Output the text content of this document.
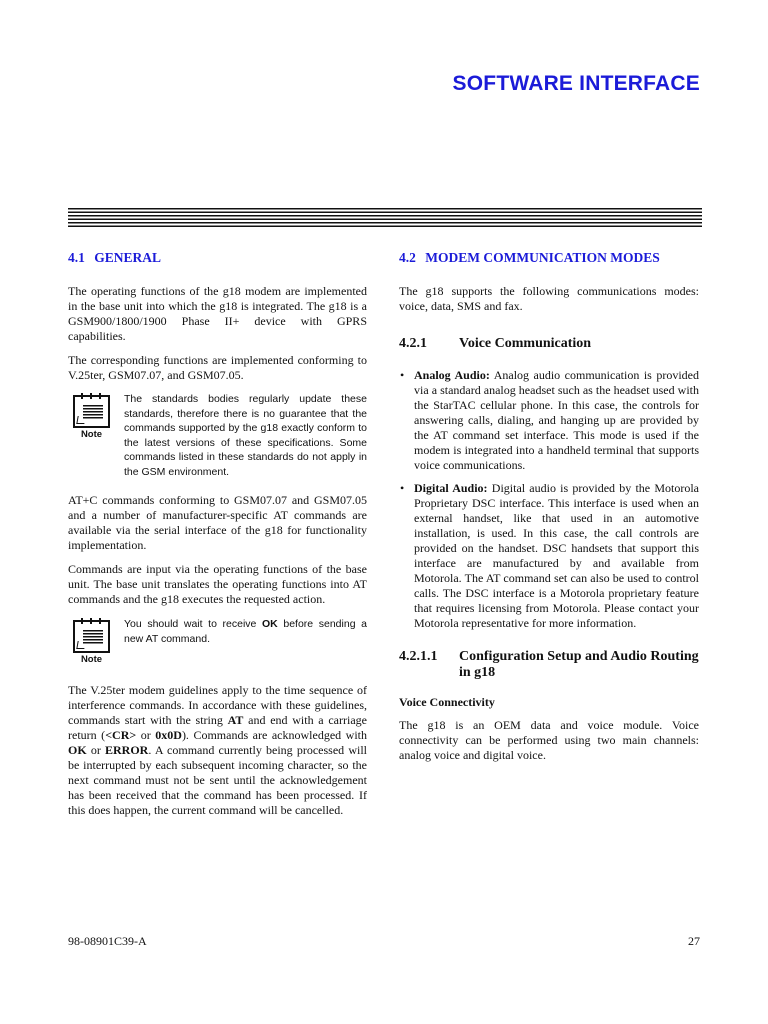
SOFTWARE INTERFACE
4.1 GENERAL

The operating functions of the g18 modem are implemented in the base unit into which the g18 is integrated. The g18 is a GSM900/1800/1900 Phase II+ device with GPRS capabilities.

The corresponding functions are implemented conforming to V.25ter, GSM07.07, and GSM07.05.

Note

The standards bodies regularly update these standards, therefore there is no guarantee that the commands supported by the g18 exactly conform to the latest versions of these specifications. Some commands listed in these standards do not apply in the GSM environment.

AT+C commands conforming to GSM07.07 and GSM07.05 and a number of manufacturer-specific AT commands are available via the serial interface of the g18 for functionality implementation.

Commands are input via the operating functions of the base unit. The base unit translates the operating functions into AT commands and the g18 executes the requested action.

Note

You should wait to receive OK before sending a new AT command.

The V.25ter modem guidelines apply to the time sequence of interference commands. In accordance with these guidelines, commands start with the string AT and end with a carriage return (<CR> or 0x0D). Commands are acknowledged with OK or ERROR. A command currently being processed will be interrupted by each subsequent incoming character, so the next command must not be sent until the acknowledgement has been received that the command has been processed. If this does happen, the current command will be cancelled.

4.2 MODEM COMMUNICATION MODES

The g18 supports the following communications modes: voice, data, SMS and fax.

4.2.1 Voice Communication
• Analog Audio: Analog audio communication is provided via a standard analog headset such as the headset used with the StarTAC cellular phone. In this case, the controls for answering calls, dialing, and hanging up are provided by the AT command set interface. This mode is used if the modem is integrated into a handheld terminal that supports voice communications.
• Digital Audio: Digital audio is provided by the Motorola Proprietary DSC interface. This interface is used when an external handset, like that used in an automotive installation, is used. In this case, the call controls are provided on the handset. DSC handsets that support this interface are manufactured by and available from Motorola. The AT command set can also be used to control calls. The DSC interface is a Motorola proprietary feature that requires licensing from Motorola. Please contact your Motorola representative for more information.
4.2.1.1	Configuration Setup and Audio Routing in g18
Voice Connectivity

The g18 is an OEM data and voice module. Voice connectivity can be performed using two main channels: analog voice and digital voice.

98-08901C39-A	27
